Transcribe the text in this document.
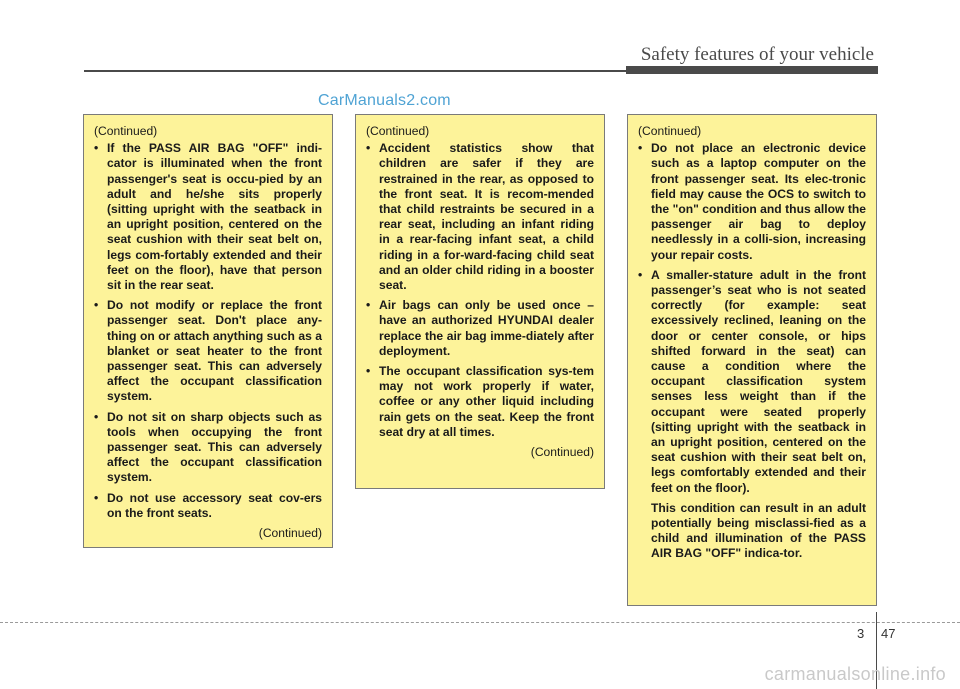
Safety features of your vehicle
CarManuals2.com
(Continued)
• If the PASS AIR BAG "OFF" indi-cator is illuminated when the front passenger's seat is occu-pied by an adult and he/she sits properly (sitting upright with the seatback in an upright position, centered on the seat cushion with their seat belt on, legs com-fortably extended and their feet on the floor), have that person sit in the rear seat.
• Do not modify or replace the front passenger seat. Don't place any-thing on or attach anything such as a blanket or seat heater to the front passenger seat. This can adversely affect the occupant classification system.
• Do not sit on sharp objects such as tools when occupying the front passenger seat. This can adversely affect the occupant classification system.
• Do not use accessory seat cov-ers on the front seats.
(Continued)
(Continued)
• Accident statistics show that children are safer if they are restrained in the rear, as opposed to the front seat. It is recom-mended that child restraints be secured in a rear seat, including an infant riding in a rear-facing infant seat, a child riding in a for-ward-facing child seat and an older child riding in a booster seat.
• Air bags can only be used once – have an authorized HYUNDAI dealer replace the air bag imme-diately after deployment.
• The occupant classification sys-tem may not work properly if water, coffee or any other liquid including rain gets on the seat. Keep the front seat dry at all times.
(Continued)
(Continued)
• Do not place an electronic device such as a laptop computer on the front passenger seat. Its elec-tronic field may cause the OCS to switch to the "on" condition and thus allow the passenger air bag to deploy needlessly in a colli-sion, increasing your repair costs.
• A smaller-stature adult in the front passenger’s seat who is not seated correctly (for example: seat excessively reclined, leaning on the door or center console, or hips shifted forward in the seat) can cause a condition where the occupant classification system senses less weight than if the occupant were seated properly (sitting upright with the seatback in an upright position, centered on the seat cushion with their seat belt on, legs comfortably extended and their feet on the floor).

This condition can result in an adult potentially being misclassi-fied as a child and illumination of the PASS AIR BAG "OFF" indica-tor.

3 47
carmanualsonline.info
